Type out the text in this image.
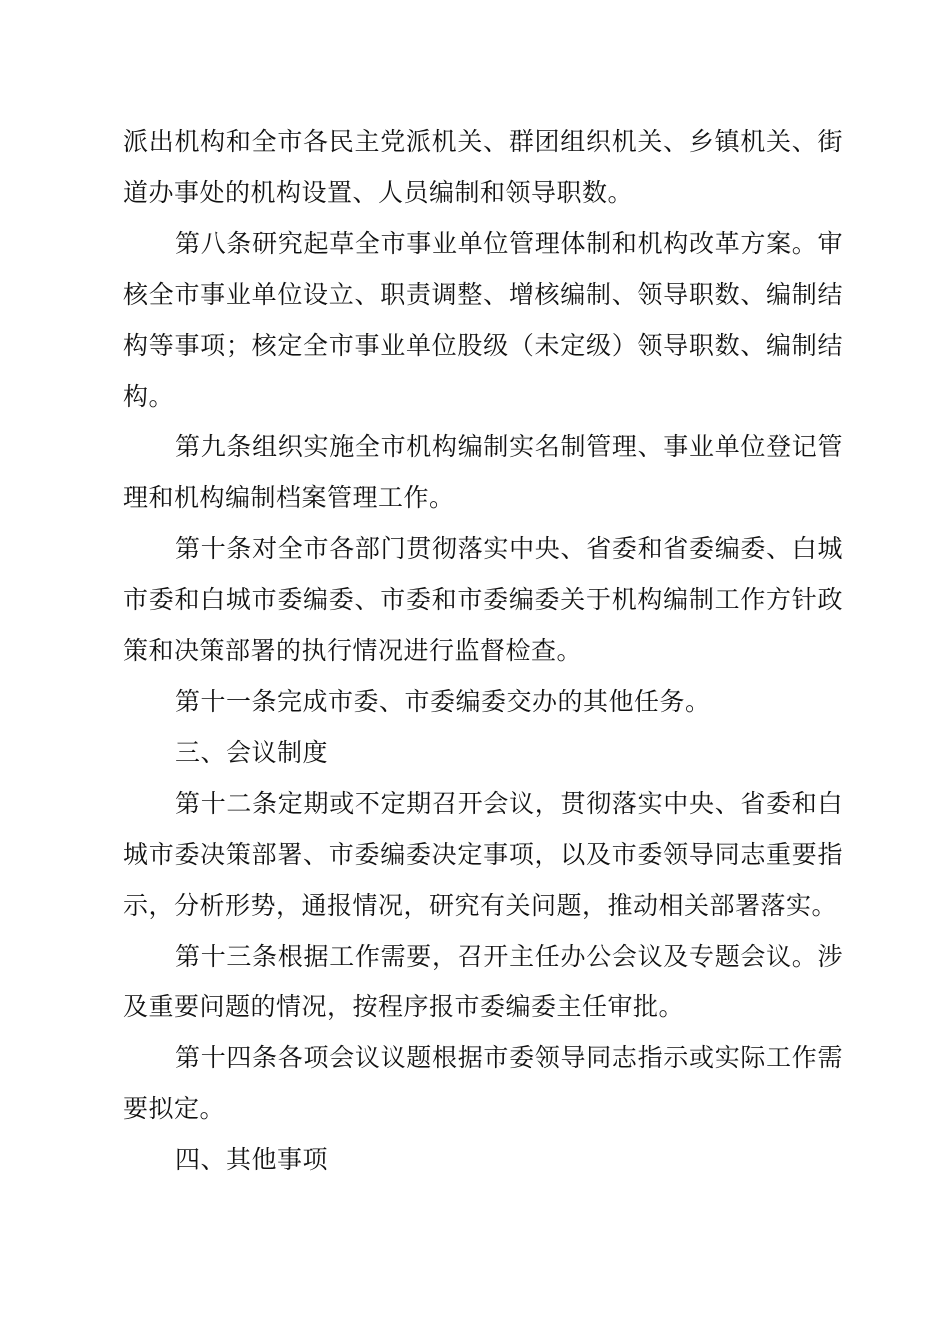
派出机构和全市各民主党派机关、群团组织机关、乡镇机关、街道办事处的机构设置、人员编制和领导职数。

第八条研究起草全市事业单位管理体制和机构改革方案。审核全市事业单位设立、职责调整、增核编制、领导职数、编制结构等事项；核定全市事业单位股级（未定级）领导职数、编制结构。

第九条组织实施全市机构编制实名制管理、事业单位登记管理和机构编制档案管理工作。

第十条对全市各部门贯彻落实中央、省委和省委编委、白城市委和白城市委编委、市委和市委编委关于机构编制工作方针政策和决策部署的执行情况进行监督检查。

第十一条完成市委、市委编委交办的其他任务。

三、会议制度

第十二条定期或不定期召开会议，贯彻落实中央、省委和白城市委决策部署、市委编委决定事项，以及市委领导同志重要指示，分析形势，通报情况，研究有关问题，推动相关部署落实。

第十三条根据工作需要，召开主任办公会议及专题会议。涉及重要问题的情况，按程序报市委编委主任审批。

第十四条各项会议议题根据市委领导同志指示或实际工作需要拟定。

四、其他事项
